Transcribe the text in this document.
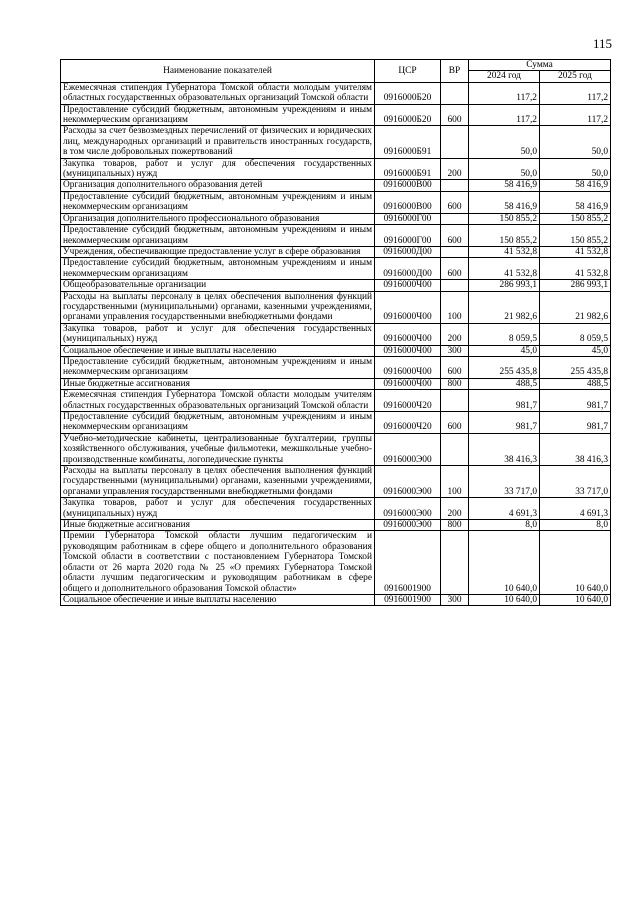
115
Наименование показателей	ЦСР	ВР	Сумма	
			2024 год	2025 год
Ежемесячная стипендия Губернатора Томской области молодым учителям областных государственных образовательных организаций Томской области	0916000Б20		117,2	117,2
Предоставление субсидий бюджетным, автономным учреждениям и иным некоммерческим организациям	0916000Б20	600	117,2	117,2
Расходы за счет безвозмездных перечислений от физических и юридических лиц, международных организаций и правительств иностранных государств, в том числе добровольных пожертвований	0916000Б91		50,0	50,0
Закупка товаров, работ и услуг для обеспечения государственных (муниципальных) нужд	0916000Б91	200	50,0	50,0
Организация дополнительного образования детей	0916000В00		58 416,9	58 416,9
Предоставление субсидий бюджетным, автономным учреждениям и иным некоммерческим организациям	0916000В00	600	58 416,9	58 416,9
Организация дополнительного профессионального образования	0916000Г00		150 855,2	150 855,2
Предоставление субсидий бюджетным, автономным учреждениям и иным некоммерческим организациям	0916000Г00	600	150 855,2	150 855,2
Учреждения, обеспечивающие предоставление услуг в сфере образования	0916000Д00		41 532,8	41 532,8
Предоставление субсидий бюджетным, автономным учреждениям и иным некоммерческим организациям	0916000Д00	600	41 532,8	41 532,8
Общеобразовательные организации	0916000Ч00		286 993,1	286 993,1
Расходы на выплаты персоналу в целях обеспечения выполнения функций государственными (муниципальными) органами, казенными учреждениями, органами управления государственными внебюджетными фондами	0916000Ч00	100	21 982,6	21 982,6
Закупка товаров, работ и услуг для обеспечения государственных (муниципальных) нужд	0916000Ч00	200	8 059,5	8 059,5
Социальное обеспечение и иные выплаты населению	0916000Ч00	300	45,0	45,0
Предоставление субсидий бюджетным, автономным учреждениям и иным некоммерческим организациям	0916000Ч00	600	255 435,8	255 435,8
Иные бюджетные ассигнования	0916000Ч00	800	488,5	488,5
Ежемесячная стипендия Губернатора Томской области молодым учителям областных государственных образовательных организаций Томской области	0916000Ч20		981,7	981,7
Предоставление субсидий бюджетным, автономным учреждениям и иным некоммерческим организациям	0916000Ч20	600	981,7	981,7
Учебно-методические кабинеты, централизованные бухгалтерии, группы хозяйственного обслуживания, учебные фильмотеки, межшкольные учебно-производственные комбинаты, логопедические пункты	0916000Э00		38 416,3	38 416,3
Расходы на выплаты персоналу в целях обеспечения выполнения функций государственными (муниципальными) органами, казенными учреждениями, органами управления государственными внебюджетными фондами	0916000Э00	100	33 717,0	33 717,0
Закупка товаров, работ и услуг для обеспечения государственных (муниципальных) нужд	0916000Э00	200	4 691,3	4 691,3
Иные бюджетные ассигнования	0916000Э00	800	8,0	8,0
Премии Губернатора Томской области лучшим педагогическим и руководящим работникам в сфере общего и дополнительного образования Томской области в соответствии с постановлением Губернатора Томской области от 26 марта 2020 года № 25 «О премиях Губернатора Томской области лучшим педагогическим и руководящим работникам в сфере общего и дополнительного образования Томской области»	0916001900		10 640,0	10 640,0
Социальное обеспечение и иные выплаты населению	0916001900	300	10 640,0	10 640,0
